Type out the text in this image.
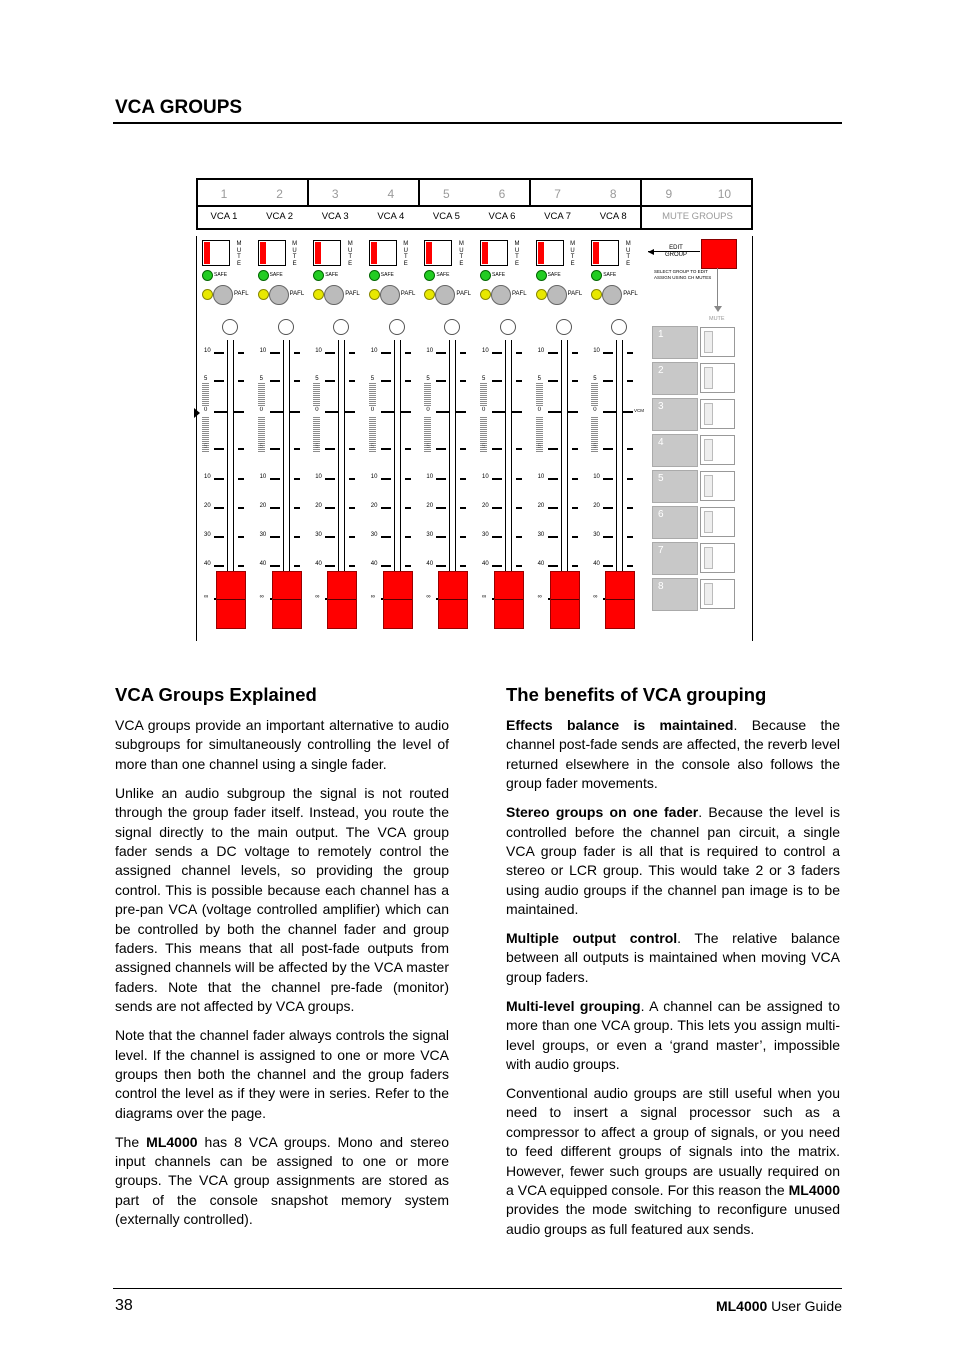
VCA GROUPS
MUTE GROUPS
1	2	3	4	5	6	7	8	9	10
VCA 1
M
U
T
E
SAFE
PAFL
10
5
0
10
20
30
40
∞
VCA 2
M
U
T
E
SAFE
PAFL
10
5
0
10
20
30
40
∞
VCA 3
M
U
T
E
SAFE
PAFL
10
5
0
10
20
30
40
∞
VCA 4
M
U
T
E
SAFE
PAFL
10
5
0
10
20
30
40
∞
VCA 5
M
U
T
E
SAFE
PAFL
10
5
0
10
20
30
40
∞
VCA 6
M
U
T
E
SAFE
PAFL
10
5
0
10
20
30
40
∞
VCA 7
M
U
T
E
SAFE
PAFL
10
5
0
10
20
30
40
∞
VCA 8
M
U
T
E
SAFE
PAFL
10
5
0
10
20
30
40
∞
1
2
3
4
5
6
7
8
EDIT
GROUP
SELECT GROUP TO EDIT
ASSIGN USING CH MUTES
MUTE
VCM
VCA Groups Explained

VCA groups provide an important alternative to audio subgroups for simultaneously controlling the level of more than one channel using a single fader.

Unlike an audio subgroup the signal is not routed through the group fader itself. Instead, you route the signal directly to the main output. The VCA group fader sends a DC voltage to remotely control the assigned channel levels, so providing the group control. This is possible because each channel has a pre-pan VCA (voltage controlled amplifier) which can be controlled by both the channel fader and group faders. This means that all post-fade outputs from assigned channels will be affected by the VCA master faders. Note that the channel pre-fade (monitor) sends are not affected by VCA groups.

Note that the channel fader always controls the signal level. If the channel is assigned to one or more VCA groups then both the channel and the group faders control the level as if they were in series. Refer to the diagrams over the page.

The ML4000 has 8 VCA groups. Mono and stereo input channels can be assigned to one or more groups. The VCA group assignments are stored as part of the console snapshot memory system (externally controlled).

The benefits of VCA grouping

Effects balance is maintained. Because the channel post-fade sends are affected, the reverb level returned elsewhere in the console also follows the group fader movements.

Stereo groups on one fader. Because the level is controlled before the channel pan circuit, a single VCA group fader is all that is required to control a stereo or LCR group. This would take 2 or 3 faders using audio groups if the channel pan image is to be maintained.

Multiple output control. The relative balance between all outputs is maintained when moving VCA group faders.

Multi-level grouping. A channel can be assigned to more than one VCA group. This lets you assign multi-level groups, or even a ‘grand master’, impossible with audio groups.

Conventional audio groups are still useful when you need to insert a signal processor such as a compressor to affect a group of signals, or you need to feed different groups of signals into the matrix. However, fewer such groups are usually required on a VCA equipped console. For this reason the ML4000 provides the mode switching to reconfigure unused audio groups as full featured aux sends.

38	ML4000 User Guide
